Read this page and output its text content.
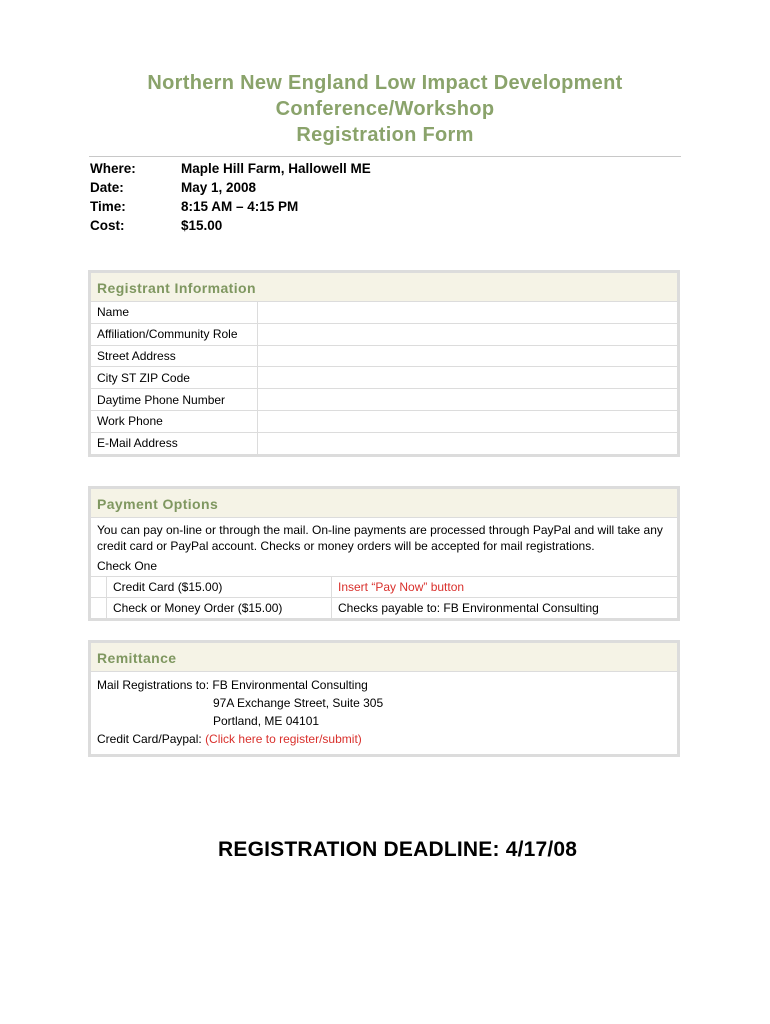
Northern New England Low Impact Development
Conference/Workshop
Registration Form
Where:	Maple Hill Farm, Hallowell ME
Date:	May 1, 2008
Time:	8:15 AM – 4:15 PM
Cost:	$15.00
Registrant Information
Name	
Affiliation/Community Role	
Street Address	
City ST ZIP Code	
Daytime Phone Number	
Work Phone	
E-Mail Address	
Payment Options
You can pay on-line or through the mail. On-line payments are processed through PayPal and will take any credit card or PayPal account. Checks or money orders will be accepted for mail registrations.
Check One
	Credit Card ($15.00)	Insert “Pay Now” button
	Check or Money Order ($15.00)	Checks payable to: FB Environmental Consulting
Remittance
Mail Registrations to: FB Environmental Consulting
97A Exchange Street, Suite 305
Portland, ME 04101
Credit Card/Paypal: (Click here to register/submit)
REGISTRATION DEADLINE: 4/17/08
